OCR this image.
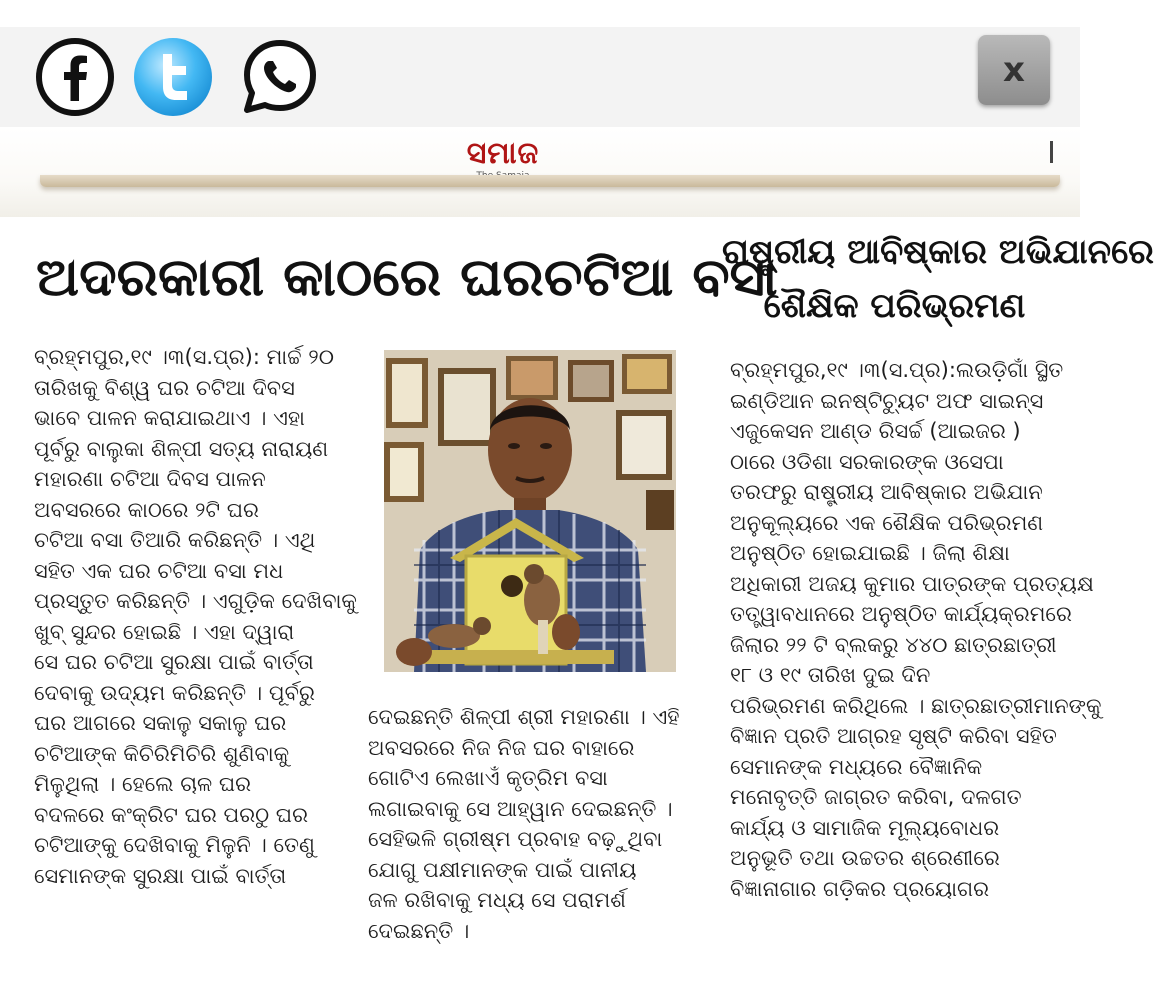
x
ସମାଜ
ଅଦରକାରୀ କାଠରେ ଘରଚଟିଆ ବସା
ବ୍ରହ୍ମପୁର,୧୯ ।୩(ସ.ପ୍ର): ମାର୍ଚ୍ଚ ୨୦
ତାରିଖକୁ ବିଶ୍ୱ ଘର ଚଟିଆ ଦିବସ
ଭାବେ ପାଳନ କରାଯାଇଥାଏ । ଏହା
ପୂର୍ବରୁ ବାଲୁକା ଶିଳ୍ପୀ ସତ୍ୟ ନାରାୟଣ
ମହାରଣା ଚଟିଆ ଦିବସ ପାଳନ
ଅବସରରେ କାଠରେ ୨ଟି ଘର
ଚଟିଆ ବସା ତିଆରି କରିଛନ୍ତି । ଏଥି
ସହିତ ଏକ ଘର ଚଟିଆ ବସା ମଧ
ପ୍ରସ୍ତୁତ କରିଛନ୍ତି । ଏଗୁଡ଼ିକ ଦେଖିବାକୁ
ଖୁବ୍ ସୁନ୍ଦର ହୋଇଛି । ଏହା ଦ୍ୱାରା
ସେ ଘର ଚଟିଆ ସୁରକ୍ଷା ପାଇଁ ବାର୍ତ୍ତା
ଦେବାକୁ ଉଦ୍ୟମ କରିଛନ୍ତି । ପୂର୍ବରୁ
ଘର ଆଗରେ ସକାଳୁ ସକାଳୁ ଘର
ଚଟିଆଙ୍କ କିଚିରିମିଚିରି ଶୁଣିବାକୁ
ମିଳୁଥିଲା । ହେଲେ ଚାଳ ଘର
ବଦଳରେ କଂକ୍ରିଟ ଘର ପରଠୁ ଘର
ଚଟିଆଙ୍କୁ ଦେଖିବାକୁ ମିଳୁନି । ତେଣୁ
ସେମାନଙ୍କ ସୁରକ୍ଷା ପାଇଁ ବାର୍ତ୍ତା
ଦେଇଛନ୍ତି ଶିଳ୍ପୀ ଶ୍ରୀ ମହାରଣା । ଏହି
ଅବସରରେ ନିଜ ନିଜ ଘର ବାହାରେ
ଗୋଟିଏ ଲେଖାଏଁ କୃତ୍ରିମ ବସା
ଲଗାଇବାକୁ ସେ ଆହ୍ୱାନ ଦେଇଛନ୍ତି ।
ସେହିଭଳି ଗ୍ରୀଷ୍ମ ପ୍ରବାହ ବଢ଼ୁଥିବା
ଯୋଗୁ ପକ୍ଷୀମାନଙ୍କ ପାଇଁ ପାନୀୟ
ଜଳ ରଖିବାକୁ ମଧ୍ୟ ସେ ପରାମର୍ଶ
ଦେଇଛନ୍ତି ।
ରାଷ୍ଟ୍ରୀୟ ଆବିଷ୍କାର ଅଭିଯାନରେ
ଶୈକ୍ଷିକ ପରିଭ୍ରମଣ
ବ୍ରହ୍ମପୁର,୧୯ ।୩(ସ.ପ୍ର):ଲଉଡ଼ିଗାଁ ସ୍ଥିତ
ଇଣ୍ଡିଆନ ଇନଷ୍ଟିଚ୍ୟୁଟ ଅଫ ସାଇନ୍ସ
ଏଜୁକେସନ ଆଣ୍ଡ ରିସର୍ଚ୍ଚ (ଆଇଜର )
ଠାରେ ଓଡିଶା ସରକାରଙ୍କ ଓସେପା
ତରଫରୁ ରାଷ୍ଟ୍ରୀୟ ଆବିଷ୍କାର ଅଭିଯାନ
ଅନୁକୂଲ୍ୟରେ ଏକ ଶୈକ୍ଷିକ ପରିଭ୍ରମଣ
ଅନୁଷ୍ଠିତ ହୋଇଯାଇଛି । ଜିଲା ଶିକ୍ଷା
ଅଧିକାରୀ ଅଜୟ କୁମାର ପାତ୍ରଙ୍କ ପ୍ରତ୍ୟକ୍ଷ
ତତ୍ତ୍ୱାବଧାନରେ ଅନୁଷ୍ଠିତ କାର୍ଯ୍ୟକ୍ରମରେ
ଜିଲାର ୨୨ ଟି ବ୍ଲକରୁ ୪୪୦ ଛାତ୍ରଛାତ୍ରୀ
୧୮ ଓ ୧୯ ତାରିଖ ଦୁଇ ଦିନ
ପରିଭ୍ରମଣ କରିଥିଲେ । ଛାତ୍ରଛାତ୍ରୀମାନଙ୍କୁ
ବିଜ୍ଞାନ ପ୍ରତି ଆଗ୍ରହ ସୃଷ୍ଟି କରିବା ସହିତ
ସେମାନଙ୍କ ମଧ୍ୟରେ ବୈଜ୍ଞାନିକ
ମନୋବୃତ୍ତି ଜାଗ୍ରତ କରିବା, ଦଳଗତ
କାର୍ଯ୍ୟ ଓ ସାମାଜିକ ମୂଲ୍ୟବୋଧର
ଅନୁଭୂତି ତଥା ଉଚ୍ଚତର ଶ୍ରେଣୀରେ
ବିଜ୍ଞାନାଗାର ଗଡ଼ିକର ପ୍ରୟୋଗର
